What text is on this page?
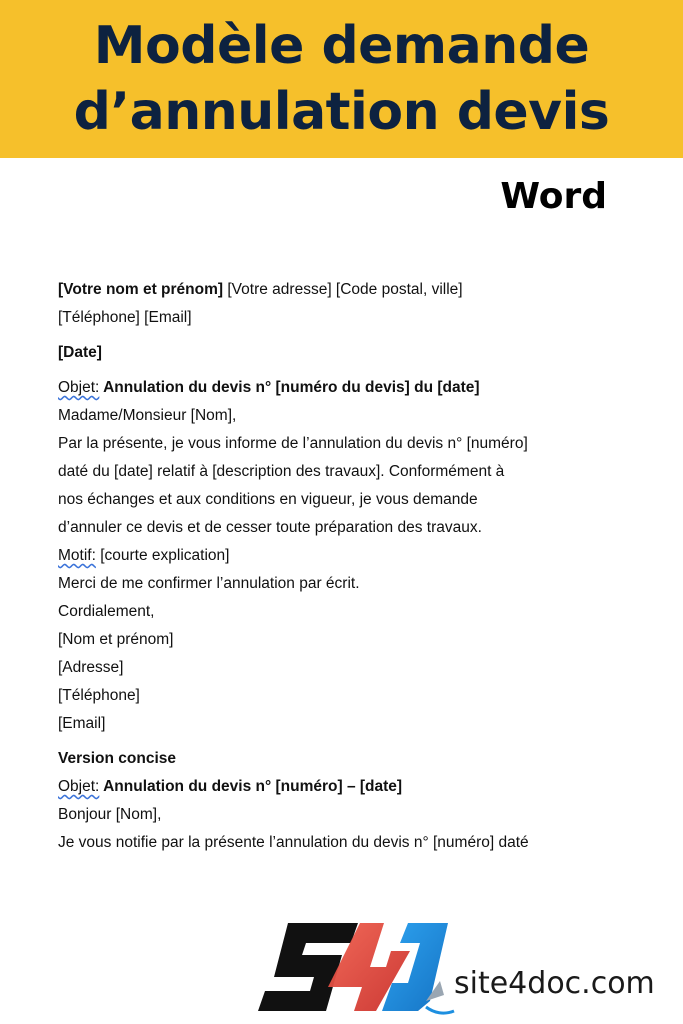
Modèle demande
d’annulation devis
Word
[Votre nom et prénom] [Votre adresse] [Code postal, ville]
[Téléphone] [Email]
[Date]
Objet: Annulation du devis n° [numéro du devis] du [date]
Madame/Monsieur [Nom],
Par la présente, je vous informe de l’annulation du devis n° [numéro]
daté du [date] relatif à [description des travaux]. Conformément à
nos échanges et aux conditions en vigueur, je vous demande
d’annuler ce devis et de cesser toute préparation des travaux.
Motif: [courte explication]
Merci de me confirmer l’annulation par écrit.
Cordialement,
[Nom et prénom]
[Adresse]
[Téléphone]
[Email]
Version concise
Objet: Annulation du devis n° [numéro] – [date]
Bonjour [Nom],
Je vous notifie par la présente l’annulation du devis n° [numéro] daté
site4doc.com
